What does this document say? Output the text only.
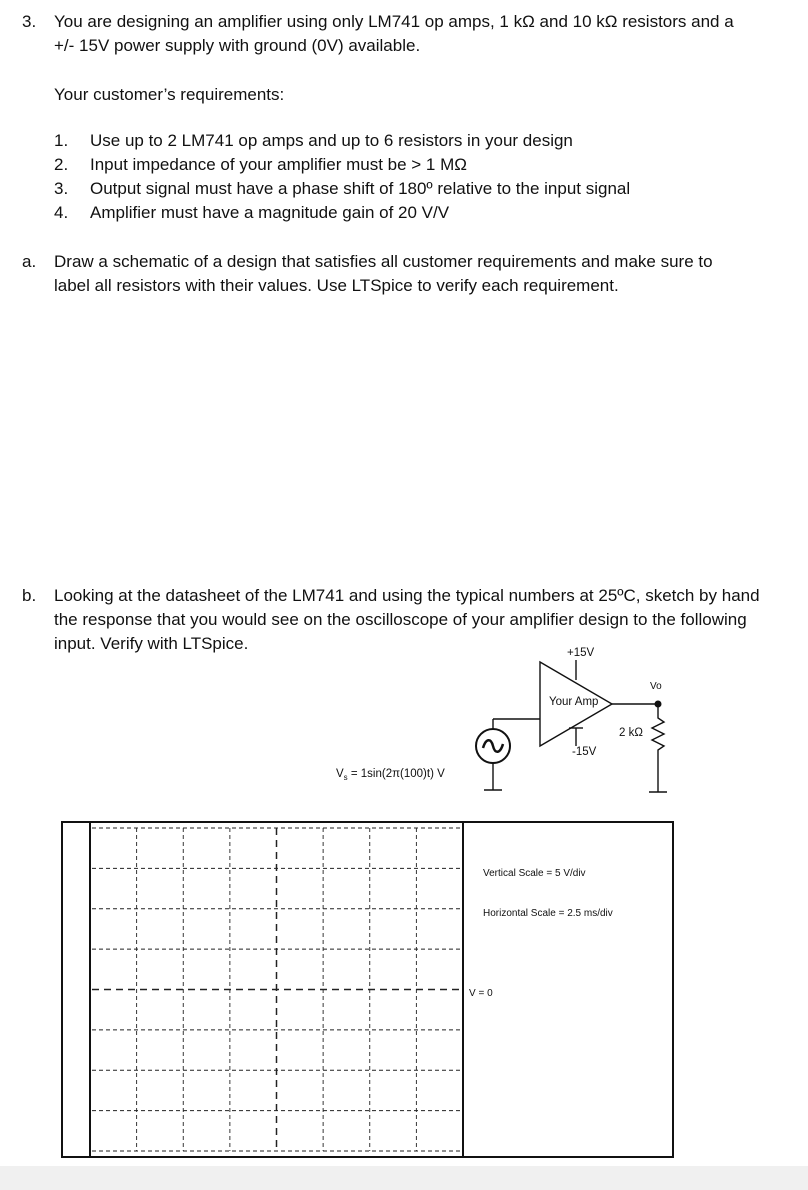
3. You are designing an amplifier using only LM741 op amps, 1 kΩ and 10 kΩ resistors and a
+/- 15V power supply with ground (0V) available.
Your customer’s requirements:
1. Use up to 2 LM741 op amps and up to 6 resistors in your design
2. Input impedance of your amplifier must be > 1 MΩ
3. Output signal must have a phase shift of 180º relative to the input signal
4. Amplifier must have a magnitude gain of 20 V/V
a. Draw a schematic of a design that satisfies all customer requirements and make sure to
label all resistors with their values. Use LTSpice to verify each requirement.
b. Looking at the datasheet of the LM741 and using the typical numbers at 25ºC, sketch by hand
the response that you would see on the oscilloscope of your amplifier design to the following
input. Verify with LTSpice.
$V_s = 1\sin(2\pi(100)t)$ V
Your Amp
+15V
-15V
Vo
2 kΩ
Vertical Scale = 5 V/div
Horizontal Scale = 2.5 ms/div
V = 0
